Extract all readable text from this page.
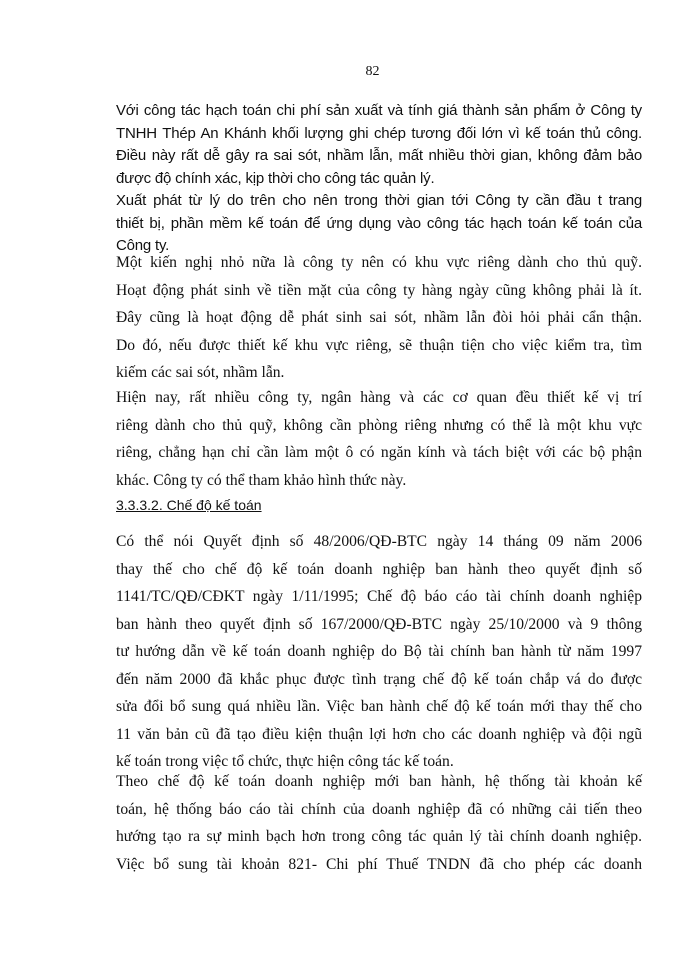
82
Với công tác hạch toán chi phí sản xuất và tính giá thành sản phẩm ở Công ty
TNHH Thép An Khánh khối lượng ghi chép tương đối lớn vì kế toán thủ công.
Điều này rất dễ gây ra sai sót, nhầm lẫn, mất nhiều thời gian, không đảm bảo
được độ chính xác, kịp thời cho công tác quản lý.
Xuất phát từ lý do trên cho nên trong thời gian tới Công ty cần đầu t trang
thiết bị, phần mềm kế toán để ứng dụng vào công tác hạch toán kế toán của
Công ty.
Một kiến nghị nhỏ nữa là công ty nên có khu vực riêng dành cho thủ quỹ.
Hoạt động phát sinh về tiền mặt của công ty hàng ngày cũng không phải là ít.
Đây cũng là hoạt động dễ phát sinh sai sót, nhầm lẫn đòi hỏi phải cẩn thận.
Do đó, nếu được thiết kế khu vực riêng, sẽ thuận tiện cho việc kiểm tra, tìm
kiếm các sai sót, nhầm lẫn.
Hiện nay, rất nhiều công ty, ngân hàng và các cơ quan đều thiết kế vị trí
riêng dành cho thủ quỹ, không cần phòng riêng nhưng có thể là một khu vực
riêng, chẳng hạn chỉ cần làm một ô có ngăn kính và tách biệt với các bộ phận
khác. Công ty có thể tham khảo hình thức này.
3.3.3.2. Chế độ kế toán
Có thể nói Quyết định số 48/2006/QĐ-BTC ngày 14 tháng 09 năm 2006
thay thế cho chế độ kế toán doanh nghiệp ban hành theo quyết định số
1141/TC/QĐ/CĐKT ngày 1/11/1995; Chế độ báo cáo tài chính doanh nghiệp
ban hành theo quyết định số 167/2000/QĐ-BTC ngày 25/10/2000 và 9 thông
tư hướng dẫn về kế toán doanh nghiệp do Bộ tài chính ban hành từ năm 1997
đến năm 2000 đã khắc phục được tình trạng chế độ kế toán chắp vá do được
sửa đổi bổ sung quá nhiều lần. Việc ban hành chế độ kế toán mới thay thế cho
11 văn bản cũ đã tạo điều kiện thuận lợi hơn cho các doanh nghiệp và đội ngũ
kế toán trong việc tổ chức, thực hiện công tác kế toán.
Theo chế độ kế toán doanh nghiệp mới ban hành, hệ thống tài khoản kế
toán, hệ thống báo cáo tài chính của doanh nghiệp đã có những cải tiến theo
hướng tạo ra sự minh bạch hơn trong công tác quản lý tài chính doanh nghiệp.
Việc bổ sung tài khoản 821- Chi phí Thuế TNDN đã cho phép các doanh
